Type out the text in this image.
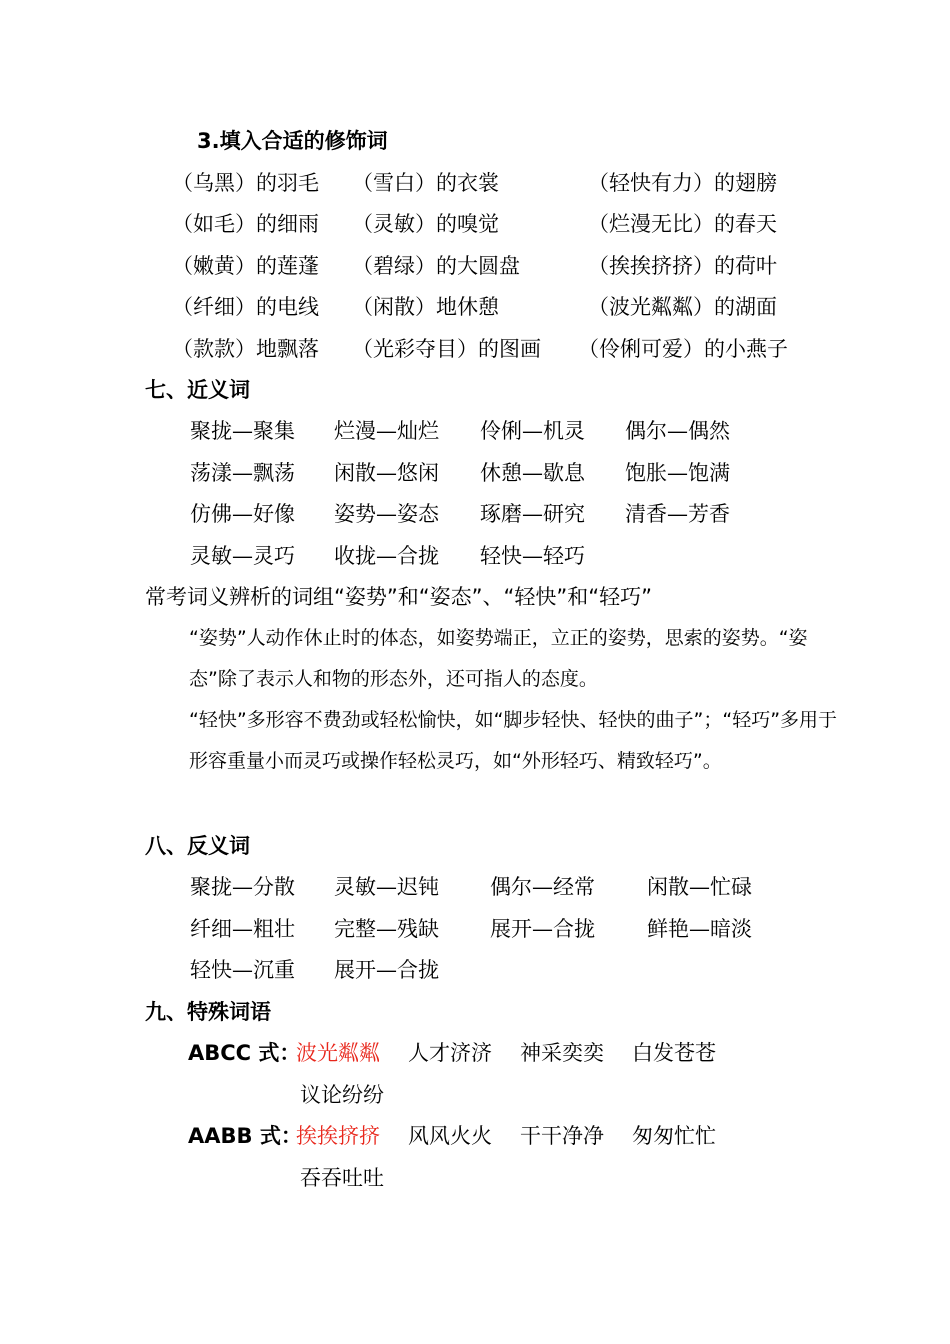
3.填入合适的修饰词
（乌黑）的羽毛 （雪白）的衣裳	（轻快有力）的翅膀
（如毛）的细雨 （灵敏）的嗅觉	（烂漫无比）的春天
（嫩黄）的莲蓬 （碧绿）的大圆盘	（挨挨挤挤）的荷叶
（纤细）的电线 （闲散）地休憩	（波光粼粼）的湖面
（款款）地飘落 （光彩夺目）的图画 （伶俐可爱）的小燕子
七、近义词
聚拢—聚集 烂漫—灿烂 伶俐—机灵 偶尔—偶然
荡漾—飘荡 闲散—悠闲 休憩—歇息 饱胀—饱满
仿佛—好像 姿势—姿态 琢磨—研究 清香—芳香
灵敏—灵巧 收拢—合拢 轻快—轻巧
常考词义辨析的词组“姿势”和“姿态”、“轻快”和“轻巧”
“姿势”人动作休止时的体态，如姿势端正，立正的姿势，思索的姿势。“姿态”除了表示人和物的形态外，还可指人的态度。
“轻快”多形容不费劲或轻松愉快，如“脚步轻快、轻快的曲子”；“轻巧”多用于形容重量小而灵巧或操作轻松灵巧，如“外形轻巧、精致轻巧”。
八、反义词
聚拢—分散 灵敏—迟钝 偶尔—经常 闲散—忙碌
纤细—粗壮 完整—残缺 展开—合拢 鲜艳—暗淡
轻快—沉重 展开—合拢
九、特殊词语
ABCC 式：
波光粼粼 人才济济 神采奕奕 白发苍苍
议论纷纷
AABB 式：
挨挨挤挤 风风火火 干干净净 匆匆忙忙
吞吞吐吐
